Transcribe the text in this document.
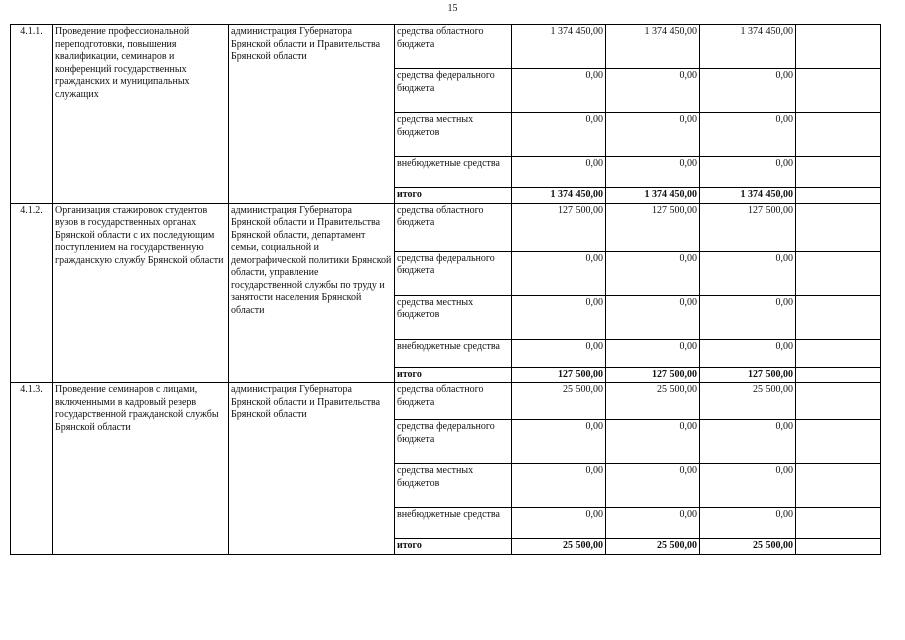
15
4.1.1.	Проведение профессиональной переподготовки, повышения квалификации, семинаров и конференций государственных гражданских и муниципальных служащих	администрация Губернатора Брянской области и Правительства Брянской области	средства областного бюджета	1 374 450,00	1 374 450,00	1 374 450,00	
			средства федерального бюджета	0,00	0,00	0,00	
			средства местных бюджетов	0,00	0,00	0,00	
			внебюджетные средства	0,00	0,00	0,00	
			итого	1 374 450,00	1 374 450,00	1 374 450,00	
4.1.2.	Организация стажировок студентов вузов в государственных органах Брянской области с их последующим поступлением на государственную гражданскую службу Брянской области	администрация Губернатора Брянской области и Правительства Брянской области, департамент семьи, социальной и демографической политики Брянской области, управление государственной службы по труду и занятости населения Брянской области	средства областного бюджета	127 500,00	127 500,00	127 500,00	
			средства федерального бюджета	0,00	0,00	0,00	
			средства местных бюджетов	0,00	0,00	0,00	
			внебюджетные средства	0,00	0,00	0,00	
			итого	127 500,00	127 500,00	127 500,00	
4.1.3.	Проведение семинаров с лицами, включенными в кадровый резерв государственной гражданской службы Брянской области	администрация Губернатора Брянской области и Правительства Брянской области	средства областного бюджета	25 500,00	25 500,00	25 500,00	
			средства федерального бюджета	0,00	0,00	0,00	
			средства местных бюджетов	0,00	0,00	0,00	
			внебюджетные средства	0,00	0,00	0,00	
			итого	25 500,00	25 500,00	25 500,00	
